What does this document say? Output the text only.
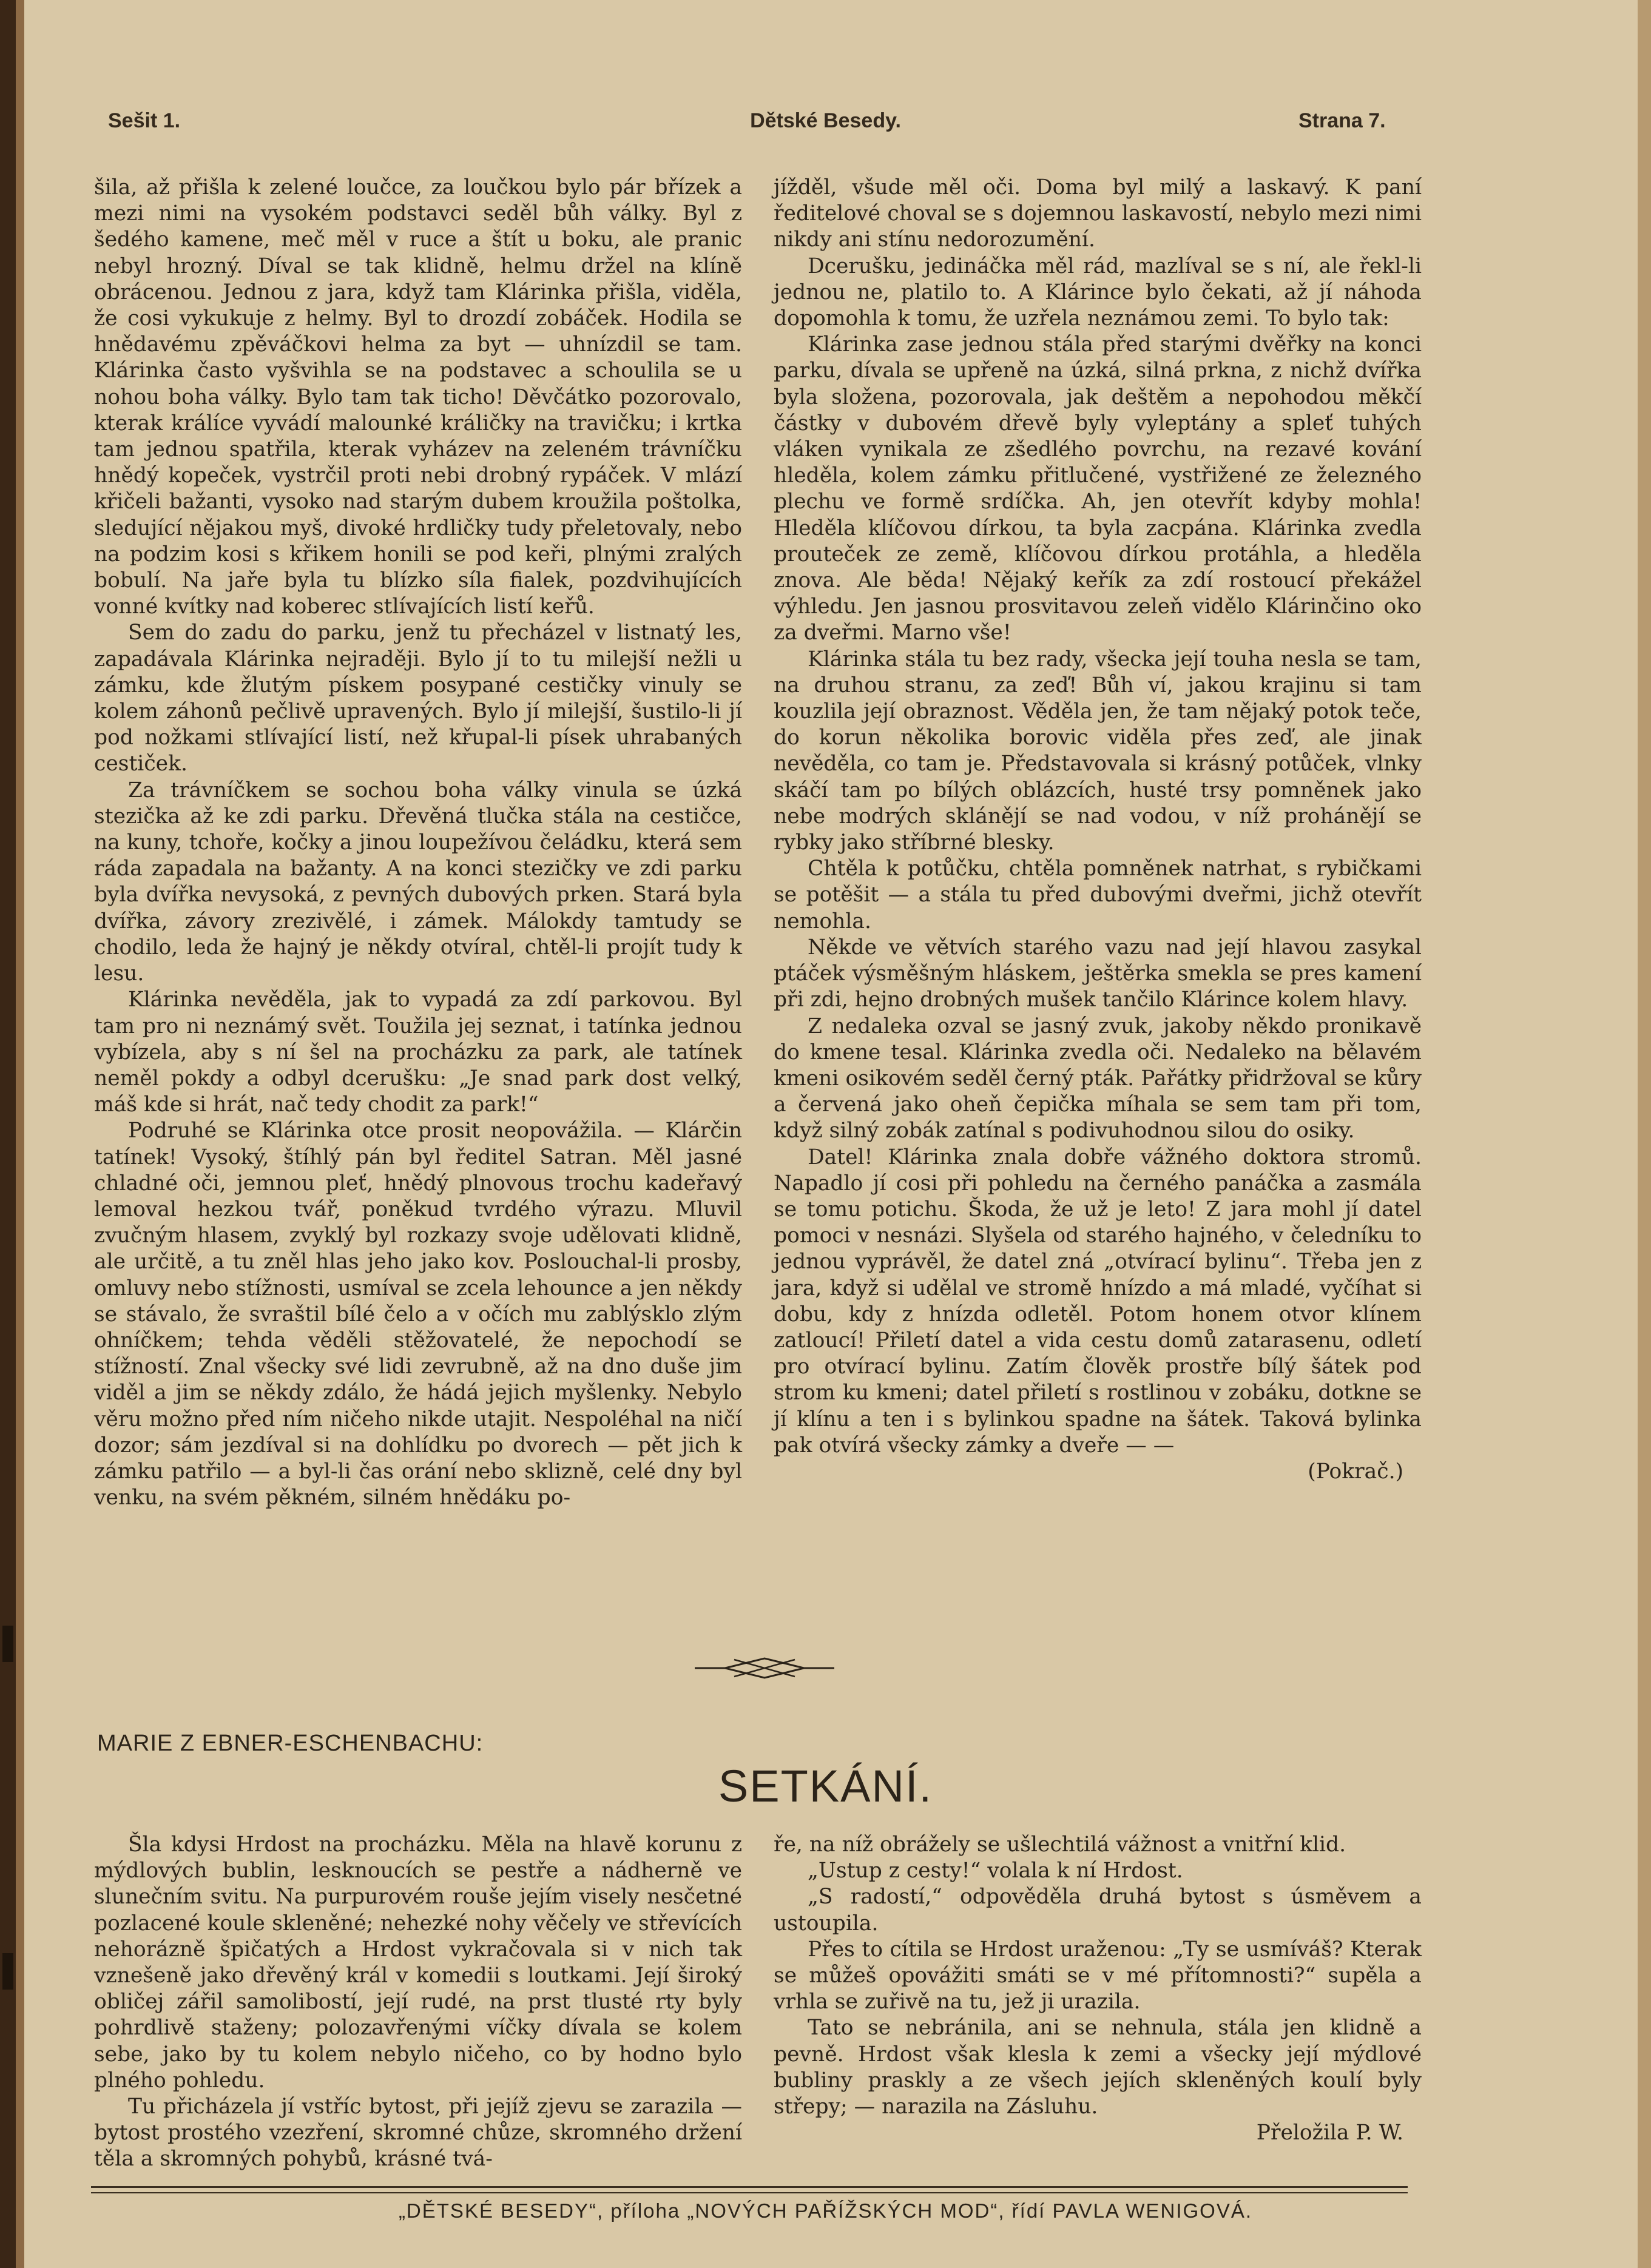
Sešit 1.	Dětské Besedy.	Strana 7.

šila, až přišla k zelené loučce, za loučkou bylo pár břízek a mezi nimi na vysokém podstavci seděl bůh války. Byl z šedého kamene, meč měl v ruce a štít u boku, ale pranic nebyl hrozný. Díval se tak klidně, helmu držel na klíně obrácenou. Jednou z jara, když tam Klárinka přišla, viděla, že cosi vykukuje z helmy. Byl to drozdí zobáček. Hodila se hnědavému zpěváčkovi helma za byt — uhnízdil se tam. Klárinka často vyšvihla se na podstavec a schoulila se u nohou boha války. Bylo tam tak ticho! Děvčátko pozorovalo, kterak králíce vyvádí malounké králičky na travičku; i krtka tam jednou spatřila, kterak vyházev na zeleném trávníčku hnědý kopeček, vystrčil proti nebi drobný rypáček. V mlází křičeli bažanti, vysoko nad starým dubem kroužila poštolka, sledující nějakou myš, divoké hrdličky tudy přeletovaly, nebo na podzim kosi s křikem honili se pod keři, plnými zralých bobulí. Na jaře byla tu blízko síla fialek, pozdvihujících vonné kvítky nad koberec stlívajících listí keřů.

Sem do zadu do parku, jenž tu přecházel v listnatý les, zapadávala Klárinka nejraději. Bylo jí to tu milejší nežli u zámku, kde žlutým pískem posypané cestičky vinuly se kolem záhonů pečlivě upravených. Bylo jí milejší, šustilo-li jí pod nožkami stlívající listí, než křupal-li písek uhrabaných cestiček.

Za trávníčkem se sochou boha války vinula se úzká stezička až ke zdi parku. Dřevěná tlučka stála na cestičce, na kuny, tchoře, kočky a jinou loupežívou čeládku, která sem ráda zapadala na bažanty. A na konci stezičky ve zdi parku byla dvířka nevysoká, z pevných dubových prken. Stará byla dvířka, závory zrezivělé, i zámek. Málokdy tamtudy se chodilo, leda že hajný je někdy otvíral, chtěl-li projít tudy k lesu.

Klárinka nevěděla, jak to vypadá za zdí parkovou. Byl tam pro ni neznámý svět. Toužila jej seznat, i tatínka jednou vybízela, aby s ní šel na procházku za park, ale tatínek neměl pokdy a odbyl dcerušku: „Je snad park dost velký, máš kde si hrát, nač tedy chodit za park!“

Podruhé se Klárinka otce prosit neopovážila. — Klárčin tatínek! Vysoký, štíhlý pán byl ředitel Satran. Měl jasné chladné oči, jemnou pleť, hnědý plnovous trochu kadeřavý lemoval hezkou tvář, poněkud tvrdého výrazu. Mluvil zvučným hlasem, zvyklý byl rozkazy svoje udělovati klidně, ale určitě, a tu zněl hlas jeho jako kov. Poslouchal-li prosby, omluvy nebo stížnosti, usmíval se zcela lehounce a jen někdy se stávalo, že svraštil bílé čelo a v očích mu zablýsklo zlým ohníčkem; tehda věděli stěžovatelé, že nepochodí se stížností. Znal všecky své lidi zevrubně, až na dno duše jim viděl a jim se někdy zdálo, že hádá jejich myšlenky. Nebylo věru možno před ním ničeho nikde utajit. Nespoléhal na ničí dozor; sám jezdíval si na dohlídku po dvorech — pět jich k zámku patřilo — a byl-li čas orání nebo sklizně, celé dny byl venku, na svém pěkném, silném hnědáku po-

jížděl, všude měl oči. Doma byl milý a laskavý. K paní ředitelové choval se s dojemnou laskavostí, nebylo mezi nimi nikdy ani stínu nedorozumění.

Dcerušku, jedináčka měl rád, mazlíval se s ní, ale řekl-li jednou ne, platilo to. A Klárince bylo čekati, až jí náhoda dopomohla k tomu, že uzřela neznámou zemi. To bylo tak:

Klárinka zase jednou stála před starými dvěřky na konci parku, dívala se upřeně na úzká, silná prkna, z nichž dvířka byla složena, pozorovala, jak deštěm a nepohodou měkčí částky v dubovém dřevě byly vyleptány a spleť tuhých vláken vynikala ze zšedlého povrchu, na rezavé kování hleděla, kolem zámku přitlučené, vystřižené ze železného plechu ve formě srdíčka. Ah, jen otevřít kdyby mohla! Hleděla klíčovou dírkou, ta byla zacpána. Klárinka zvedla prouteček ze země, klíčovou dírkou protáhla, a hleděla znova. Ale běda! Nějaký keřík za zdí rostoucí překážel výhledu. Jen jasnou prosvitavou zeleň vidělo Klárinčino oko za dveřmi. Marno vše!

Klárinka stála tu bez rady, všecka její touha nesla se tam, na druhou stranu, za zeď! Bůh ví, jakou krajinu si tam kouzlila její obraznost. Věděla jen, že tam nějaký potok teče, do korun několika borovic viděla přes zeď, ale jinak nevěděla, co tam je. Představovala si krásný potůček, vlnky skáčí tam po bílých oblázcích, husté trsy pomněnek jako nebe modrých sklánějí se nad vodou, v níž prohánějí se rybky jako stříbrné blesky.

Chtěla k potůčku, chtěla pomněnek natrhat, s rybičkami se potěšit — a stála tu před dubovými dveřmi, jichž otevřít nemohla.

Někde ve větvích starého vazu nad její hlavou zasykal ptáček výsměšným hláskem, ještěrka smekla se pres kamení při zdi, hejno drobných mušek tančilo Klárince kolem hlavy.

Z nedaleka ozval se jasný zvuk, jakoby někdo pronikavě do kmene tesal. Klárinka zvedla oči. Nedaleko na bělavém kmeni osikovém seděl černý pták. Pařátky přidržoval se kůry a červená jako oheň čepička míhala se sem tam při tom, když silný zobák zatínal s podivuhodnou silou do osiky.

Datel! Klárinka znala dobře vážného doktora stromů. Napadlo jí cosi při pohledu na černého panáčka a zasmála se tomu potichu. Škoda, že už je leto! Z jara mohl jí datel pomoci v nesnázi. Slyšela od starého hajného, v čeledníku to jednou vyprávěl, že datel zná „otvírací bylinu“. Třeba jen z jara, když si udělal ve stromě hnízdo a má mladé, vyčíhat si dobu, kdy z hnízda odletěl. Potom honem otvor klínem zatloucí! Přiletí datel a vida cestu domů zatarasenu, odletí pro otvírací bylinu. Zatím člověk prostře bílý šátek pod strom ku kmeni; datel přiletí s rostlinou v zobáku, dotkne se jí klínu a ten i s bylinkou spadne na šátek. Taková bylinka pak otvírá všecky zámky a dveře — —

(Pokrač.)

MARIE Z EBNER-ESCHENBACHU:
SETKÁNÍ.

Šla kdysi Hrdost na procházku. Měla na hlavě korunu z mýdlových bublin, lesknoucích se pestře a nádherně ve slunečním svitu. Na purpurovém rouše jejím visely nesčetné pozlacené koule skleněné; nehezké nohy věčely ve střevících nehorázně špičatých a Hrdost vykračovala si v nich tak vznešeně jako dřevěný král v komedii s loutkami. Její široký obličej zářil samolibostí, její rudé, na prst tlusté rty byly pohrdlivě staženy; polozavřenými víčky dívala se kolem sebe, jako by tu kolem nebylo ničeho, co by hodno bylo plného pohledu.

Tu přicházela jí vstříc bytost, při jejíž zjevu se zarazila — bytost prostého vzezření, skromné chůze, skromného držení těla a skromných pohybů, krásné tvá-

ře, na níž obrážely se ušlechtilá vážnost a vnitřní klid.

„Ustup z cesty!“ volala k ní Hrdost.

„S radostí,“ odpověděla druhá bytost s úsměvem a ustoupila.

Přes to cítila se Hrdost uraženou: „Ty se usmíváš? Kterak se můžeš opovážiti smáti se v mé přítomnosti?“ supěla a vrhla se zuřivě na tu, jež ji urazila.

Tato se nebránila, ani se nehnula, stála jen klidně a pevně. Hrdost však klesla k zemi a všecky její mýdlové bubliny praskly a ze všech jejích skleněných koulí byly střepy; — narazila na Zásluhu.

Přeložila P. W.

„DĚTSKÉ BESEDY“, příloha „NOVÝCH PAŘÍŽSKÝCH MOD“, řídí PAVLA WENIGOVÁ.
